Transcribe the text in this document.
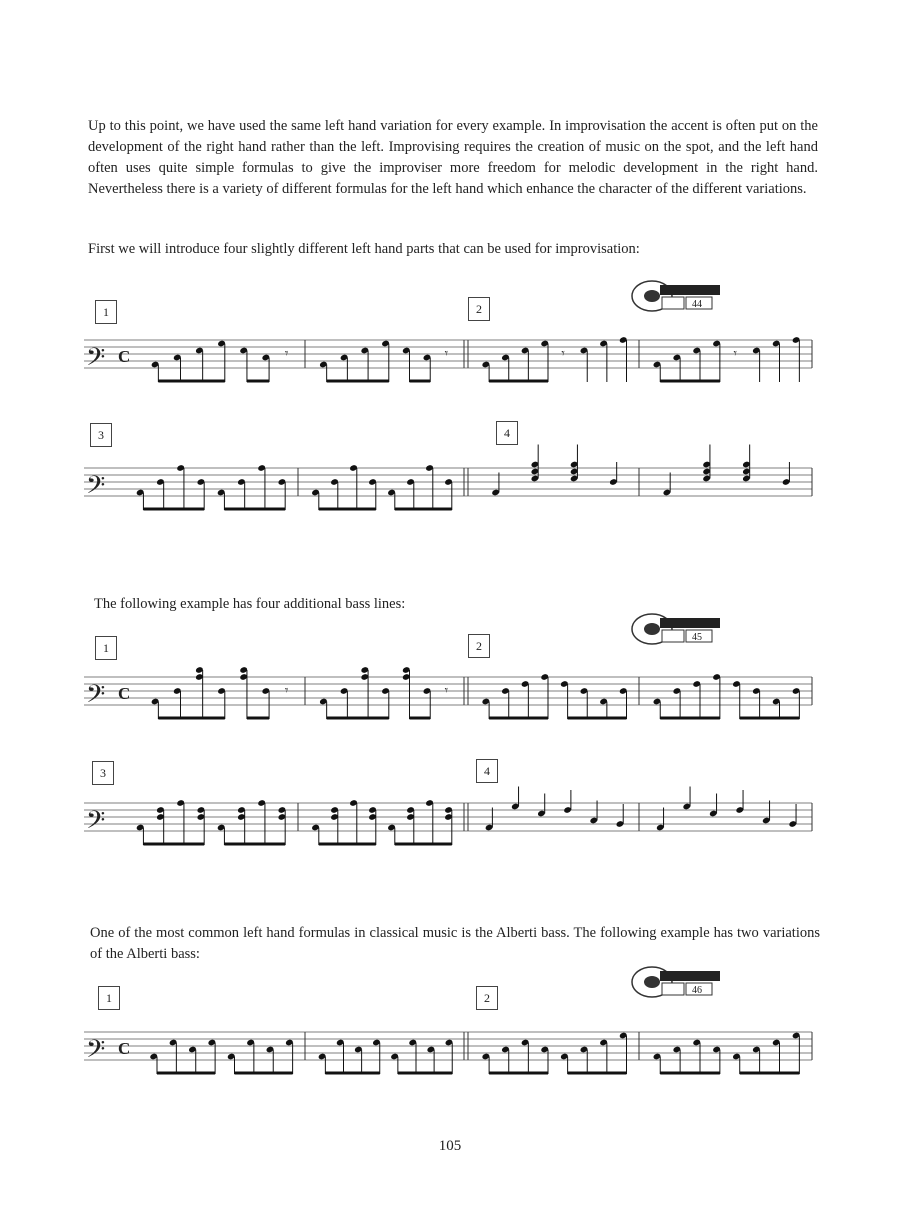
Up to this point, we have used the same left hand variation for every example. In improvisation the accent is often put on the development of the right hand rather than the left. Improvising requires the creation of music on the spot, and the left hand often uses quite simple formulas to give the improviser more freedom for melodic development in the right hand. Nevertheless there is a variety of different formulas for the left hand which enhance the character of the different variations.
First we will introduce four slightly different left hand parts that can be used for improvisation:
The following example has four additional bass lines:
One of the most common left hand formulas in classical music is the Alberti bass. The following example has two variations of the Alberti bass:
1	2
3	4
1	2
3	4
1	2
44
45
46
𝄢 C	𝄾	𝄾	𝄾	𝄾
𝄢
𝄢 C	𝄾	𝄾
𝄢
𝄢 C
105
